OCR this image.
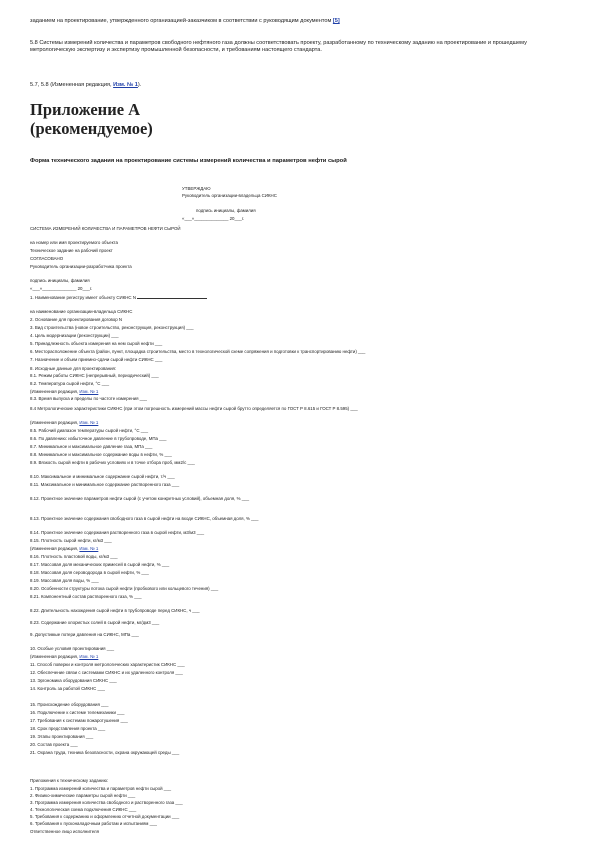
заданием на проектирование, утвержденного организацией-заказчиком в соответствии с руководящим документом [5]

5.8 Системы измерений количества и параметров свободного нефтяного газа должны соответствовать проекту, разработанному по техническому заданию на проектирование и прошедшему метрологическую экспертизу и экспертизу промышленной безопасности, и требованиям настоящего стандарта.

5.7, 5.8 (Измененная редакция, Изм. № 1).

Приложение А
(рекомендуемое)

Форма технического задания на проектирование системы измерений количества и параметров нефти сырой

УТВЕРЖДАЮ
Руководитель организации-владельца СИКНС
подпись инициалы, фамилия
«___»______________ 20___г.
СИСТЕМА ИЗМЕРЕНИЙ КОЛИЧЕСТВА И ПАРАМЕТРОВ НЕФТИ СЫРОЙ
на номер или имя проектируемого объекта
Техническое задание на рабочий проект
СОГЛАСОВАНО
Руководитель организации-разработчика проекта
подпись инициалы, фамилия
«___»______________ 20___г.
1. Наименование регистру имеет объекту СИКНС N
на наименование организации-владельца СИКНС
2. Основание для проектирования договор N
3. Вид строительства (новое строительство, реконструкция, реконструкция) ___
4. Цель модернизации (реконструкции) ___
5. Принадлежность объекта измерения на нем сырой нефти ___
6. Месторасположение объекта (район, пункт, площадка строительства, место в технологической схеме сопряжения и подготовки к транспортированию нефти) ___
7. Назначение и объем приемно-сдачи сырой нефти СИКНС ___
8. Исходные данные для проектирования:
8.1. Режим работы СИКНС (непрерывный, периодический) ___
8.2. Температура сырой нефти, °С ___
(Измененная редакция, Изм. № 1
8.3. Время выпуска и пределы по частоте измерения ___
8.4 Метрологические характеристики СИКНС (при этом погрешность измерений массы нефти сырой брутто определяется по ГОСТ Р 8.615 и ГОСТ Р 8.595) ___
(Измененная редакция, Изм. № 1
8.5. Рабочий диапазон температуры сырой нефти, °С ___
8.6. По давлению: избыточное давление в трубопроводе, МПа ___
8.7. Минимальное и максимальное давление газа, МПа ___
8.8. Минимальное и максимальное содержание воды в нефти, % ___
8.9. Вязкость сырой нефти в рабочих условиях и в точке отбора проб, мм2/с ___
8.10. Максимальное и минимальное содержание сырой нефти, т/ч ___
8.11. Максимальное и минимальное содержание растворенного газа ___
8.12. Проектное значение параметров нефти сырой (с учетом конкретных условий), объемная доля, % ___
8.13. Проектное значение содержания свободного газа в сырой нефти на входе СИКНС, объемная доля, % ___
8.14. Проектное значение содержания растворенного газа в сырой нефти, м3/м3 ___
8.15. Плотность сырой нефти, кг/м3 ___
(Измененная редакция, Изм. № 1
8.16. Плотность пластовой воды, кг/м3 ___
8.17. Массовая доля механических примесей в сырой нефти, % ___
8.18. Массовая доля сероводорода в сырой нефти, % ___
8.19. Массовая доля воды, % ___
8.20. Особенности структуры потока сырой нефти (пробкового или кольцевого течения) ___
8.21. Компонентный состав растворенного газа, % ___
8.22. Длительность нахождения сырой нефти в трубопроводе перед СИКНС, ч ___
8.23. Содержание хлористых солей в сырой нефти, мг/дм3 ___
9. Допустимые потери давления на СИКНС, МПа ___
10. Особые условия проектирования ___
(Измененная редакция, Изм. № 1
11. Способ поверки и контроля метрологических характеристик СИКНС ___
12. Обеспечение связи с системами СИКНС и их удаленного контроля ___
13. Эргономика оборудования СИКНС ___
14. Контроль за работой СИКНС ___
15. Происхождение оборудования ___
16. Подключение к системе телемеханики ___
17. Требования к системам пожаротушения ___
18. Срок представления проекта ___
19. Этапы проектирования ___
20. Состав проекта ___
21. Охрана труда, техника безопасности, охрана окружающей среды ___
Приложения к техническому заданию:
1. Программа измерений количества и параметров нефти сырой ___
2. Физико-химические параметры сырой нефти ___
3. Программа измерения количества свободного и растворенного газа ___
4. Технологическая схема подключения СИКНС ___
5. Требования к содержанию и оформлению отчетной документации ___
6. Требования к пусконаладочным работам и испытаниям ___
Ответственное лицо исполнителя
